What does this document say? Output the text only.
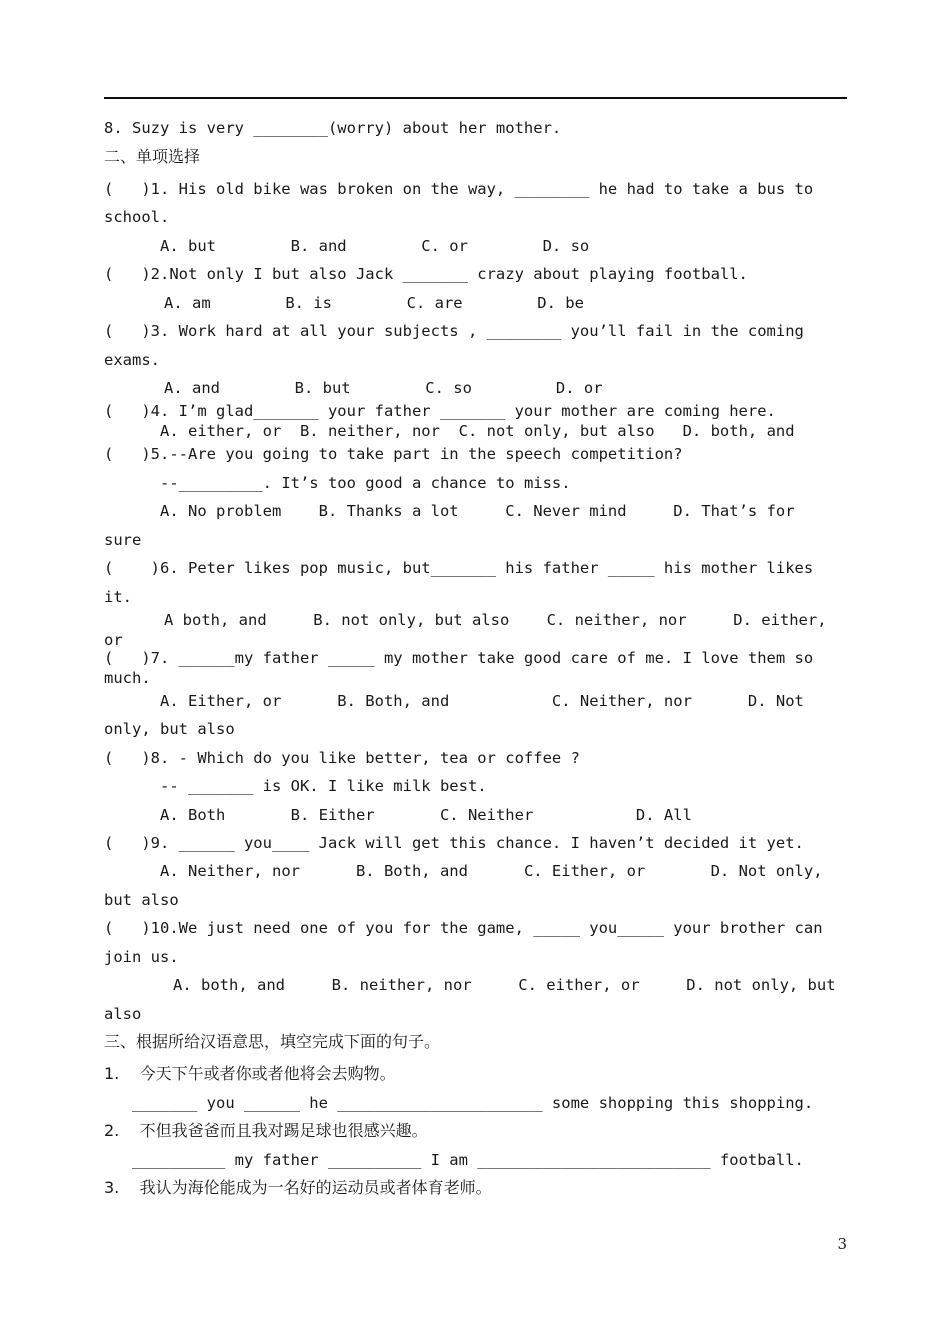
8. Suzy is very ________(worry) about her mother.
二、单项选择
(   )1. His old bike was broken on the way, ________ he had to take a bus to
school.
A. but        B. and        C. or        D. so
(   )2.Not only I but also Jack _______ crazy about playing football.
A. am        B. is        C. are        D. be
(   )3. Work hard at all your subjects , ________ you’ll fail in the coming
exams.
A. and        B. but        C. so         D. or
(   )4. I’m glad_______ your father _______ your mother are coming here.
A. either, or  B. neither, nor  C. not only, but also   D. both, and
(   )5.--Are you going to take part in the speech competition?
--_________. It’s too good a chance to miss.
A. No problem    B. Thanks a lot     C. Never mind     D. That’s for
sure
(    )6. Peter likes pop music, but_______ his father _____ his mother likes
it.
A both, and     B. not only, but also    C. neither, nor     D. either,
or
(   )7. ______my father _____ my mother take good care of me. I love them so
much.
A. Either, or      B. Both, and           C. Neither, nor      D. Not
only, but also
(   )8. - Which do you like better, tea or coffee ?
-- _______ is OK. I like milk best.
A. Both       B. Either       C. Neither           D. All
(   )9. ______ you____ Jack will get this chance. I haven’t decided it yet.
A. Neither, nor      B. Both, and      C. Either, or       D. Not only,
but also
(   )10.We just need one of you for the game, _____ you_____ your brother can
join us.
A. both, and     B. neither, nor     C. either, or     D. not only, but
also
三、根据所给汉语意思，填空完成下面的句子。
1.    今天下午或者你或者他将会去购物。
_______ you ______ he ______________________ some shopping this shopping.
2.    不但我爸爸而且我对踢足球也很感兴趣。
__________ my father __________ I am _________________________ football.
3.    我认为海伦能成为一名好的运动员或者体育老师。
3
